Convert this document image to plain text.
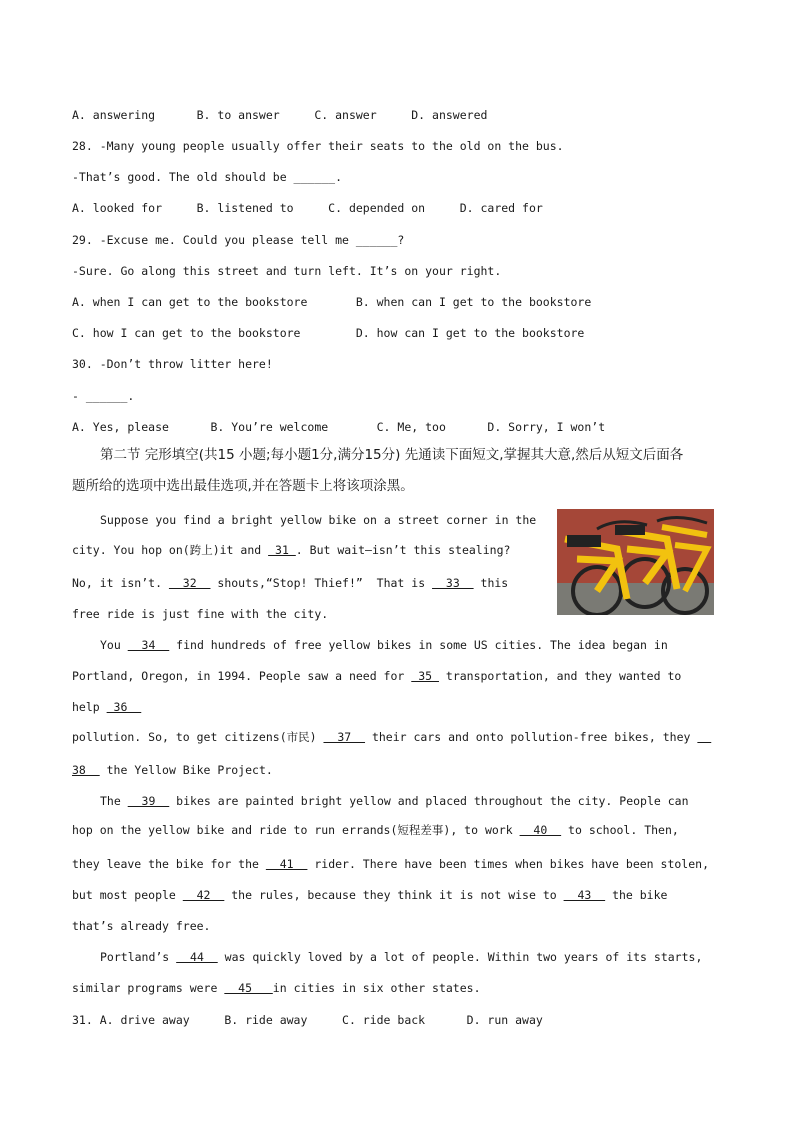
A. answering      B. to answer     C. answer     D. answered
28. -Many young people usually offer their seats to the old on the bus.
-That’s good. The old should be ______.
A. looked for     B. listened to     C. depended on     D. cared for
29. -Excuse me. Could you please tell me ______?
-Sure. Go along this street and turn left. It’s on your right.
A. when I can get to the bookstore       B. when can I get to the bookstore
C. how I can get to the bookstore        D. how can I get to the bookstore
30. -Don’t throw litter here!
- ______.
A. Yes, please      B. You’re welcome       C. Me, too      D. Sorry, I won’t
第二节 完形填空(共15 小题;每小题1分,满分15分) 先通读下面短文,掌握其大意,然后从短文后面各
题所给的选项中选出最佳选项,并在答题卡上将该项涂黑。
Suppose you find a bright yellow bike on a street corner in the
city. You hop on(跨上)it and  31 . But wait—isn’t this stealing?
No, it isn’t.   32   shouts,“Stop! Thief!”  That is   33   this
free ride is just fine with the city.
You   34   find hundreds of free yellow bikes in some US cities. The idea began in
Portland, Oregon, in 1994. People saw a need for  35  transportation, and they wanted to
help  36
pollution. So, to get citizens(市民)   37   their cars and onto pollution-free bikes, they
38   the Yellow Bike Project.
The   39   bikes are painted bright yellow and placed throughout the city. People can
hop on the yellow bike and ride to run errands(短程差事), to work   40   to school. Then,
they leave the bike for the   41   rider. There have been times when bikes have been stolen,
but most people   42   the rules, because they think it is not wise to   43   the bike
that’s already free.
Portland’s   44   was quickly loved by a lot of people. Within two years of its starts,
similar programs were   45   in cities in six other states.
31. A. drive away     B. ride away     C. ride back      D. run away
